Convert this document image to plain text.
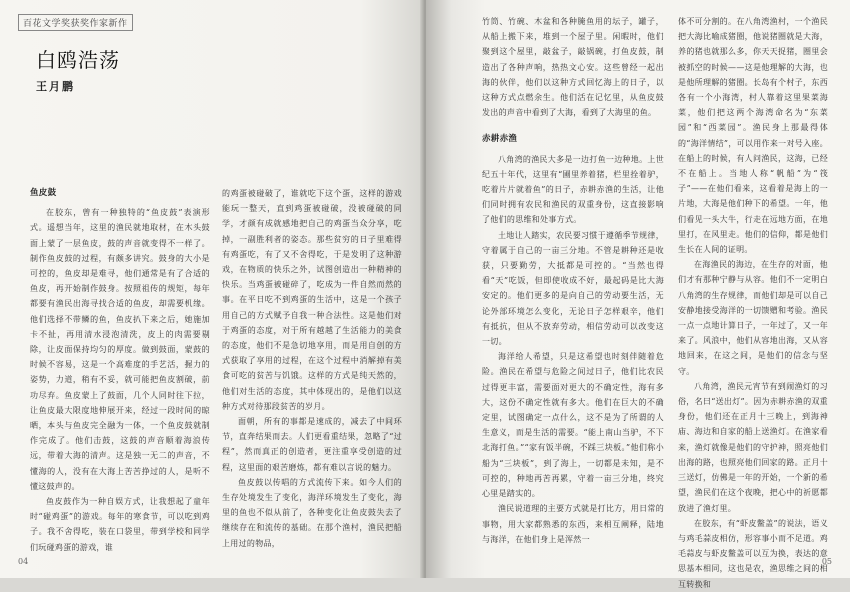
百花文学奖获奖作家新作
白鸥浩荡
王月鹏
鱼皮鼓

在胶东，曾有一种独特的“鱼皮鼓”表演形式。遥想当年，这里的渔民就地取材，在木头鼓面上蒙了一层鱼皮，鼓的声音就变得不一样了。制作鱼皮鼓的过程，有颇多讲究。鼓身的大小是可控的，鱼皮却是难寻，他们通常是有了合适的鱼皮，再开始制作鼓身。按照祖传的规矩，每年都要有渔民出海寻找合适的鱼皮，却需要机缘。他们选择不带鳞的鱼，鱼皮扒下来之后，她施加卡不扯，再用清水浸泡清洗，皮上的肉需要剔除，让皮面保持均匀的厚度。做到鼓面，蒙鼓的时候不容易，这是一个高难度的手艺活，握力的姿势，力道，稍有不妥，就可能把鱼皮割破，前功尽弃。鱼皮蒙上了鼓面，几个人同时往下拉，让鱼皮最大限度地伸展开来，经过一段时间的晾晒，本头与鱼皮完全融为一体，一个鱼皮鼓就制作完成了。他们击鼓，这鼓的声音顺着海浪传远，带着大海的清声。这是独一无二的声音，不懂海的人，没有在大海上苦苦挣过的人，是听不懂这鼓声的。

鱼皮鼓作为一种自娱方式，让我想起了童年时“碰鸡蛋”的游戏。每年的寒食节，可以吃到鸡子。我不舍得吃，装在口袋里，带到学校和同学们玩碰鸡蛋的游戏，谁

的鸡蛋被碰破了，谁就吃下这个蛋，这样的游戏能玩一整天，直到鸡蛋被碰破，没被碰破的同学，才颜有成就感地把自己的鸡蛋当众分享，吃掉，一副胜利者的姿态。那些贫穷的日子里难得有鸡蛋吃，有了又不舍得吃，于是发明了这种游戏，在物质的快乐之外，试图创造出一种精神的快乐。当鸡蛋被碰碎了，吃成为一件自然而然的事。在平日吃不到鸡蛋的生活中，这是一个孩子用自己的方式赋予自我一种合法性。这是他们对于鸡蛋的态度，对于所有越越了生活能力的美食的态度，他们不是急切地享用，而是用自创的方式获取了享用的过程，在这个过程中消解掉有美食可吃的贫苦与饥饿。这样的方式是纯天然的，他们对生活的态度，其中体现出的，是他们以这种方式对待那段贫苦的岁月。

面朝，所有的事都是速成的，减去了中间环节，直奔结果而去。人们更看重结果，忽略了“过程”，然而真正的创造者，更注重享受创造的过程，这里面的艰苦磨炼，都有难以言说的魅力。

鱼皮鼓以传唱的方式流传下来。如今人们的生存处境发生了变化，海洋环境发生了变化，海里的鱼也不似从前了，各种变化让鱼皮鼓失去了继续存在和流传的基础。在那个渔村，渔民把船上用过的物品，

04

竹筒、竹碗、木盆和各种腌鱼用的坛子，罐子，从船上搬下来，堆到一个屋子里。闲暇时，他们聚到这个屋里，敲盆子，敲锅碗，打鱼皮鼓，制造出了各种声响，热热文心安。这些曾经一起出海的伙伴，他们以这种方式回忆海上的日子，以这种方式点燃余生。他们活在记忆里，从鱼皮鼓发出的声音中看到了大海，看到了大海里的鱼。

赤耕赤渔

八角湾的渔民大多是一边打鱼一边种地。上世纪五十年代，这里有“圃里养着猪，栏里拴着驴，吃着片片就着鱼”的日子，赤耕赤渔的生活，让他们同时拥有农民和渔民的双重身份，这直接影响了他们的思维和处事方式。

土地让人踏实，农民要习惯于遵循季节规律，守着属于自己的一亩三分地。不管是耕种还是收获，只要勤劳，大抵都是可控的。“当然也得看“天”吃饭，但即使收成不好，最起码是比大海安定的。他们更多的是向自己的劳动要生活，无论外部环境怎么变化，无论日子怎样艰辛，他们有抵抗，但从不放弃劳动，相信劳动可以改变这一切。

海洋给人希望，只是这希望也时刻伴随着危险。渔民在希望与危险之间过日子，他们比农民过得更丰富，需要面对更大的不确定性，海有多大，这份不确定性就有多大。他们在巨大的不确定里，试图确定一点什么，这不是为了所谓的人生意义，而是生活的需要。“能上南山当驴，不下北海打鱼。”“家有饭半碗，不踩三块板。”他们称小船为“三块板”，到了海上，一切都是未知，是不可控的，种地再苦再累，守着一亩三分地，终究心里是踏实的。

渔民说道理的主要方式就是打比方，用日常的事物，用大家都熟悉的东西，来相互阐释，陆地与海洋，在他们身上是浑然一

体不可分割的。在八角湾渔村，一个渔民把大海比喻成猪圈，他说猪圈就是大海，养的猪也就那么多，你天天捉猪，圈里会被抓空的时候——这是他理解的大海，也是他所理解的猪圈。长岛有个村子，东西各有一个小海湾，村人靠着这里果菜海菜，他们把这两个海湾命名为“东菜园”和“西菜园”。渔民身上那最得体的“海洋情结”，可以用作来一对号入座。在船上的时候，有人问渔民，这海，已经不在船上。当地人称“帆船”为“筏子”——在他们看来，这看着是海上的一片地，大海是他们种下的希望。一年，他们看见一头大牛，行走在远地方面，在地里打，在风里走。他们的信仰，都是他们生长在人间的证明。

在海渔民的海边，在生存的对面，他们才有那种宁静与从容。他们不一定明白八角湾的生存规律，而他们却是可以自己安静地接受海洋的一切馈赠和考验。渔民一点一点地计算日子，一年过了，又一年来了。风浪中，他们从容地出海，又从容地回来，在这之间，是他们的信念与坚守。

八角湾，渔民元宵节有到闹渔灯的习俗，名曰“送出灯”。因为赤耕赤渔的双重身份，他们还在正月十三晚上，到海神庙、海边和自家的船上送渔灯。在渔家看来，渔灯就像是他们的守护神，照亮他们出海的路，也照亮他们回家的路。正月十三送灯，仿佛是一年的开始，一个新的希望，渔民们在这个夜晚，把心中的祈愿都放进了渔灯里。

在胶东，有“虾皮鳖盖”的说法，语义与鸡毛蒜皮相仿，形容事小而不足道。鸡毛蒜皮与虾皮鳖盖可以互为换，表达的意思基本相同，这也是农，渔思维之间的相互转换和

05
